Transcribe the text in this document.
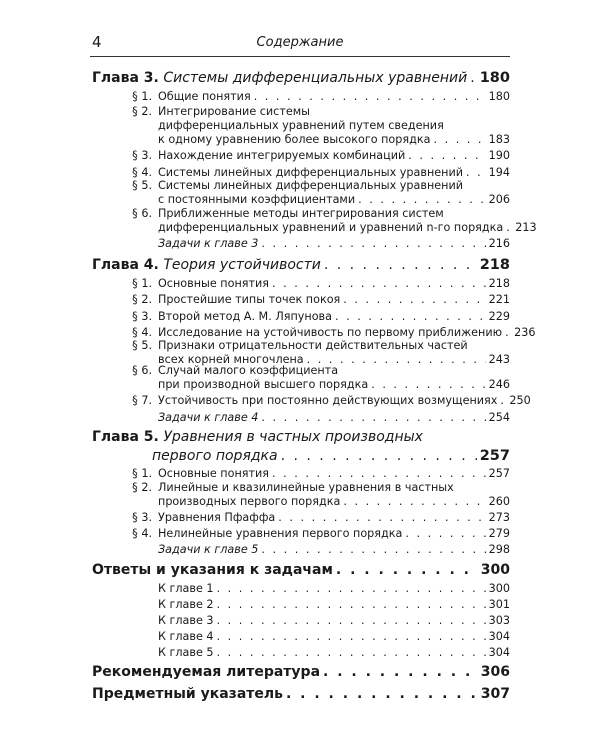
4	Содержание
Глава 3. Системы дифференциальных уравнений . . . 180
§ 1. Общие понятия . . .	180
§ 2. Интегрирование системы
дифференциальных уравнений путем сведения
к одному уравнению более высокого порядка . . .	183
§ 3. Нахождение интегрируемых комбинаций . . .	190
§ 4. Системы линейных дифференциальных уравнений . . . 194
§ 5. Системы линейных дифференциальных уравнений
с постоянными коэффициентами . . .	206
§ 6. Приближенные методы интегрирования систем
дифференциальных уравнений и уравнений n-го порядка . . . 213
Задачи к главе 3 . . .	216
Глава 4. Теория устойчивости . . .	218
§ 1. Основные понятия . . .	218
§ 2. Простейшие типы точек покоя . . .	221
§ 3. Второй метод А. М. Ляпунова . . .	229
§ 4. Исследование на устойчивость по первому приближению . . . 236
§ 5. Признаки отрицательности действительных частей
всех корней многочлена . . .	243
§ 6. Случай малого коэффициента
при производной высшего порядка . . .	246
§ 7. Устойчивость при постоянно действующих возмущениях . . . 250
Задачи к главе 4 . . .	254
Глава 5. Уравнения в частных производных
первого порядка . . .	257
§ 1. Основные понятия . . .	257
§ 2. Линейные и квазилинейные уравнения в частных
производных первого порядка . . .	260
§ 3. Уравнения Пфаффа . . .	273
§ 4. Нелинейные уравнения первого порядка . . .	279
Задачи к главе 5 . . .	298
Ответы и указания к задачам . . .	300
К главе 1 . . .	300
К главе 2 . . .	301
К главе 3 . . .	303
К главе 4 . . .	304
К главе 5 . . .	304
Рекомендуемая литература . . .	306
Предметный указатель . . .	307
